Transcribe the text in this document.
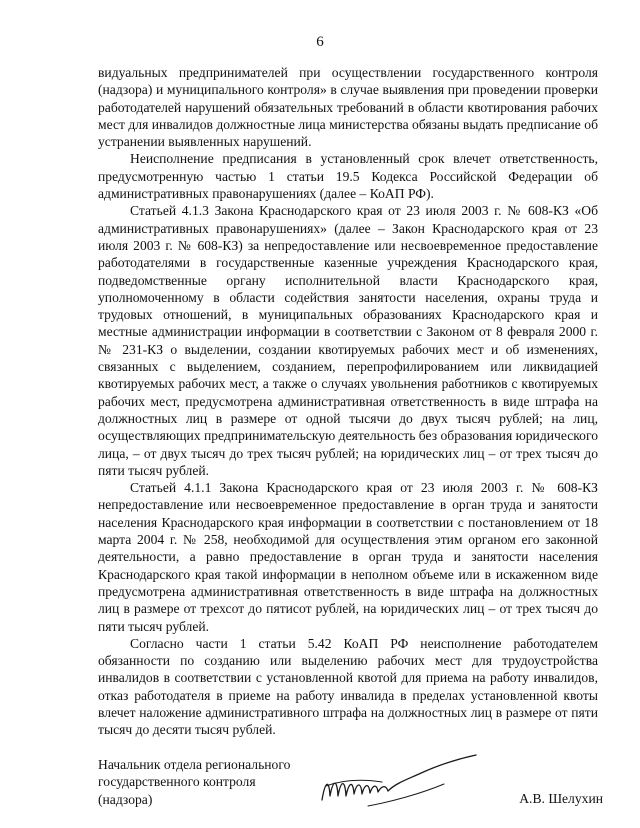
6

видуальных предпринимателей при осуществлении государственного контроля (надзора) и муниципального контроля» в случае выявления при проведении проверки работодателей нарушений обязательных требований в области квотирования рабочих мест для инвалидов должностные лица министерства обязаны выдать предписание об устранении выявленных нарушений.

Неисполнение предписания в установленный срок влечет ответственность, предусмотренную частью 1 статьи 19.5 Кодекса Российской Федерации об административных правонарушениях (далее – КоАП РФ).

Статьей 4.1.3 Закона Краснодарского края от 23 июля 2003 г. № 608-КЗ «Об административных правонарушениях» (далее – Закон Краснодарского края от 23 июля 2003 г. № 608-КЗ) за непредоставление или несвоевременное предоставление работодателями в государственные казенные учреждения Краснодарского края, подведомственные органу исполнительной власти Краснодарского края, уполномоченному в области содействия занятости населения, охраны труда и трудовых отношений, в муниципальных образованиях Краснодарского края и местные администрации информации в соответствии с Законом от 8 февраля 2000 г. № 231-КЗ о выделении, создании квотируемых рабочих мест и об изменениях, связанных с выделением, созданием, перепрофилированием или ликвидацией квотируемых рабочих мест, а также о случаях увольнения работников с квотируемых рабочих мест, предусмотрена административная ответственность в виде штрафа на должностных лиц в размере от одной тысячи до двух тысяч рублей; на лиц, осуществляющих предпринимательскую деятельность без образования юридического лица, – от двух тысяч до трех тысяч рублей; на юридических лиц – от трех тысяч до пяти тысяч рублей.

Статьей 4.1.1 Закона Краснодарского края от 23 июля 2003 г. № 608-КЗ непредоставление или несвоевременное предоставление в орган труда и занятости населения Краснодарского края информации в соответствии с постановлением от 18 марта 2004 г. № 258, необходимой для осуществления этим органом его законной деятельности, а равно предоставление в орган труда и занятости населения Краснодарского края такой информации в неполном объеме или в искаженном виде предусмотрена административная ответственность в виде штрафа на должностных лиц в размере от трехсот до пятисот рублей, на юридических лиц – от трех тысяч до пяти тысяч рублей.

Согласно части 1 статьи 5.42 КоАП РФ неисполнение работодателем обязанности по созданию или выделению рабочих мест для трудоустройства инвалидов в соответствии с установленной квотой для приема на работу инвалидов, отказ работодателя в приеме на работу инвалида в пределах установленной квоты влечет наложение административного штрафа на должностных лиц в размере от пяти тысяч до десяти тысяч рублей.

Начальник отдела регионального
государственного контроля
(надзора)	А.В. Шелухин
